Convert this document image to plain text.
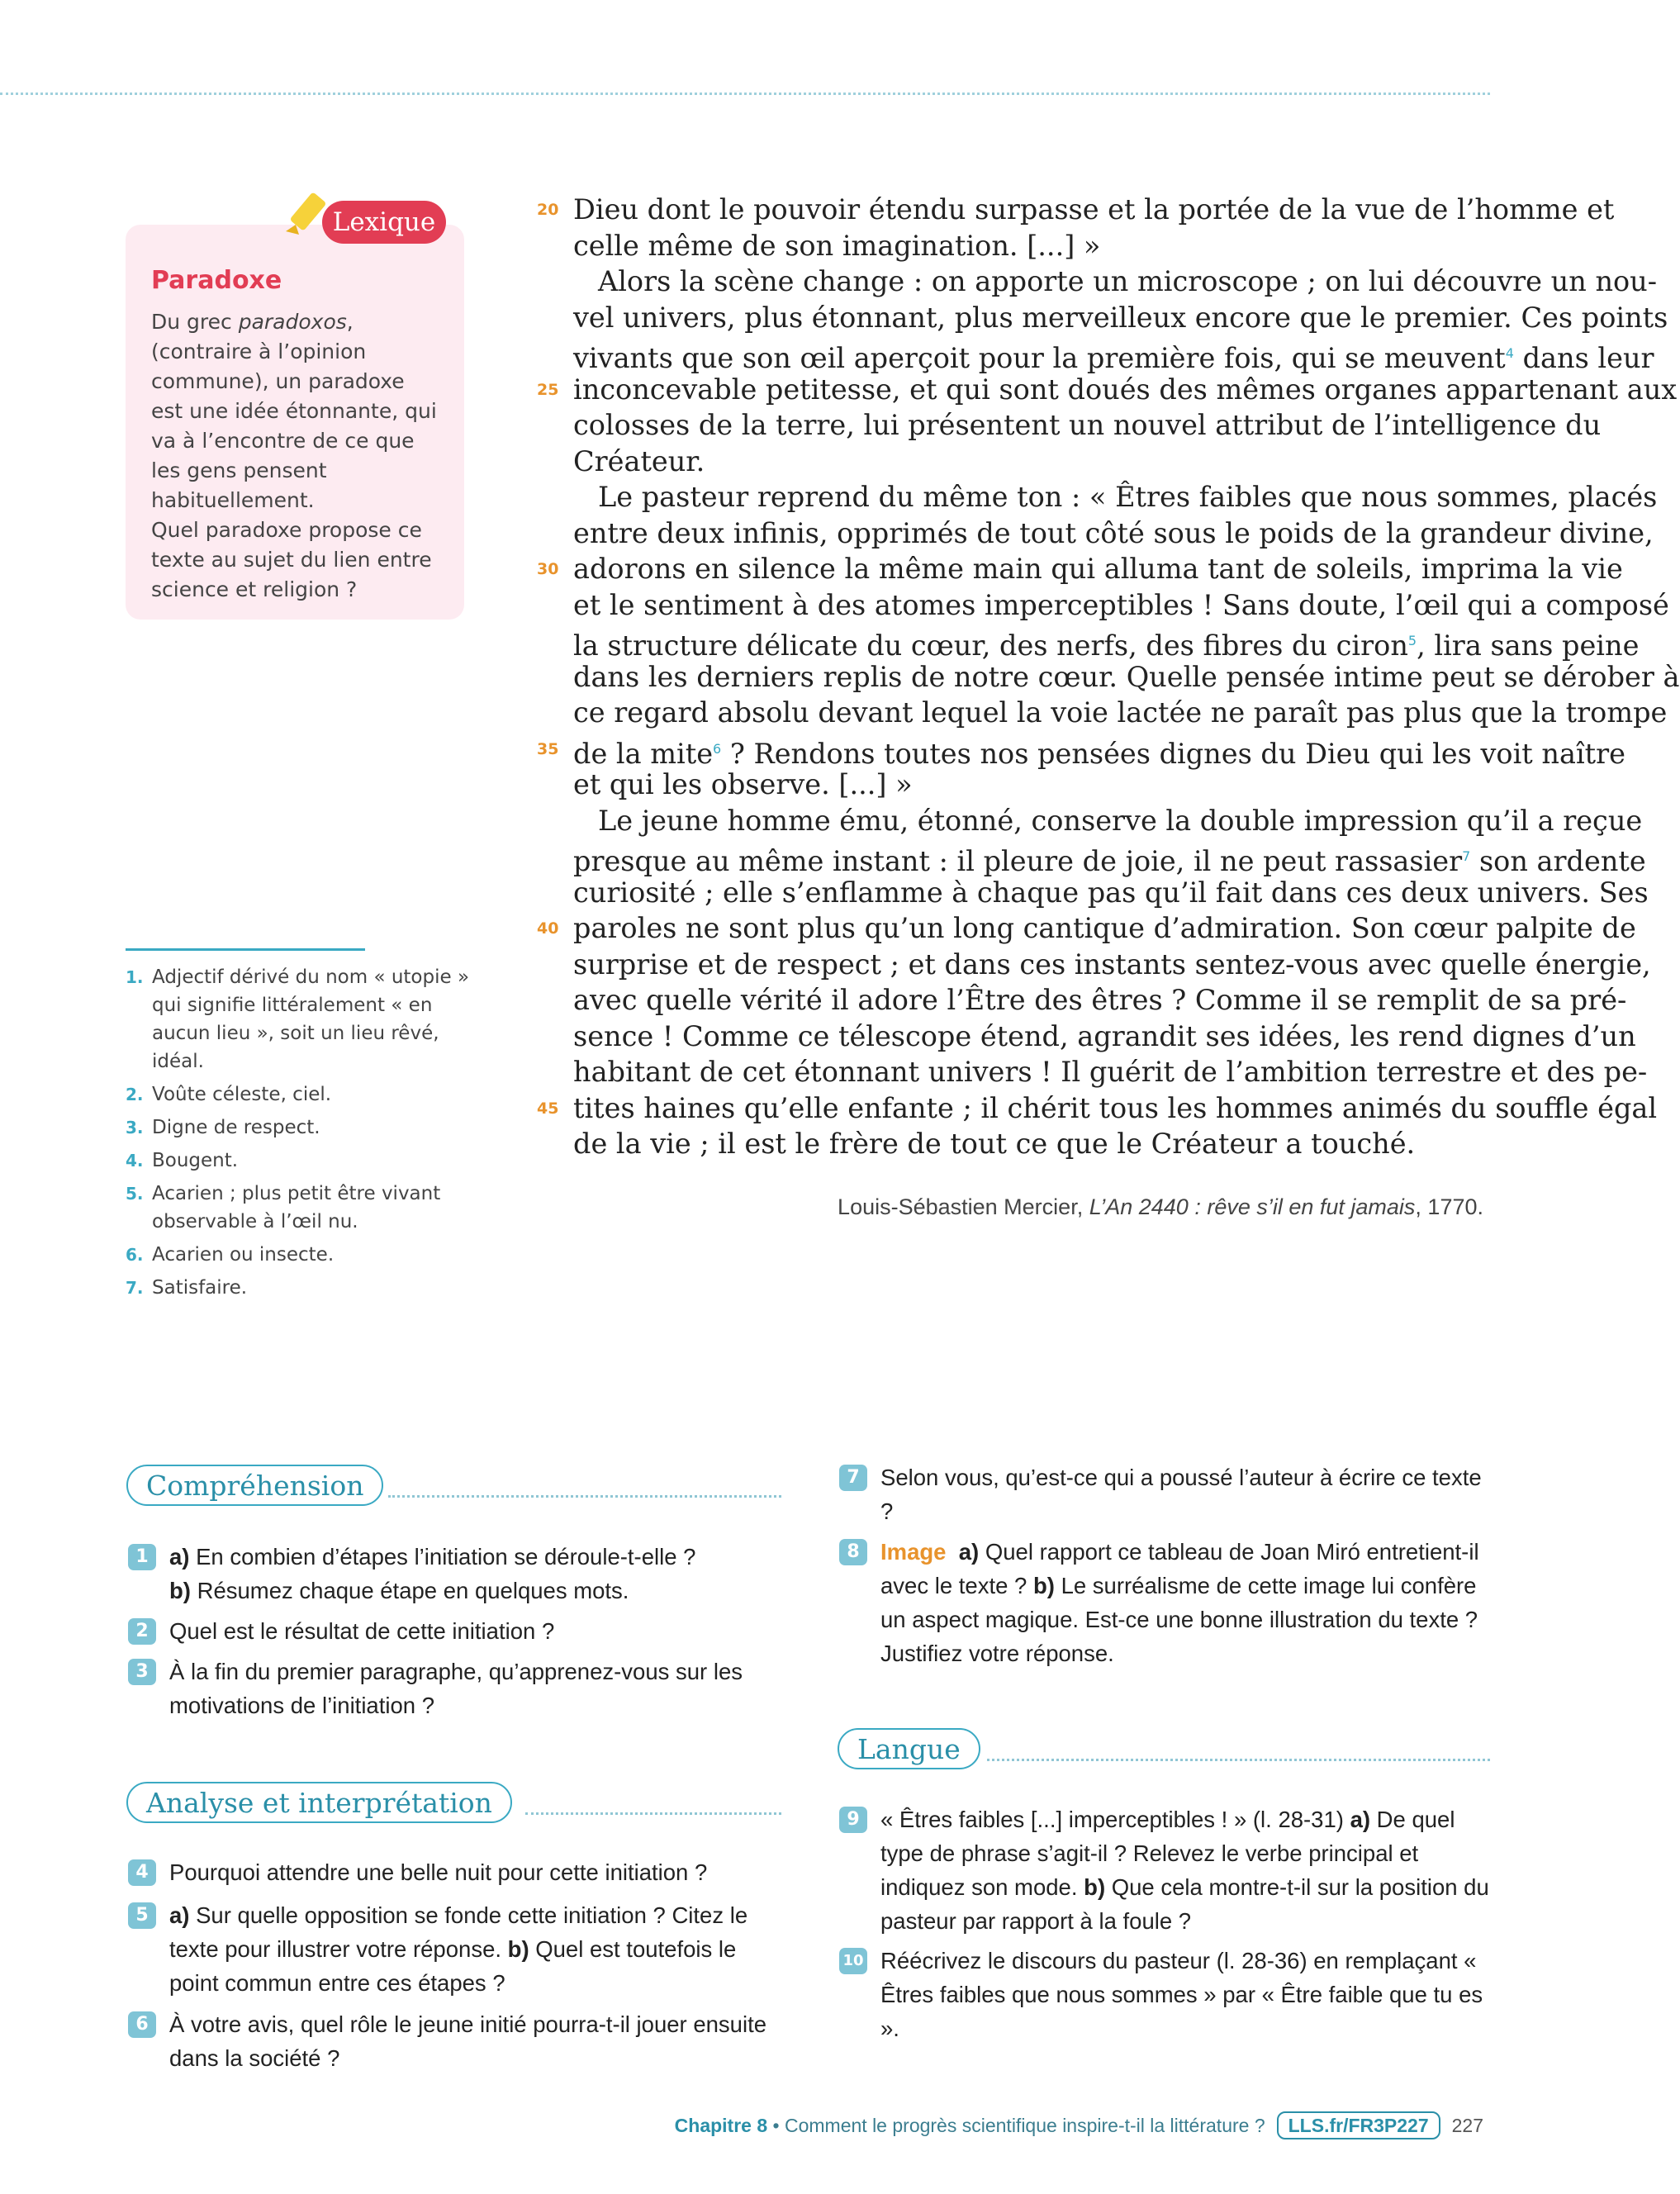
Lexique
Paradoxe

Du grec paradoxos, (contraire à l’opinion commune), un paradoxe est une idée étonnante, qui va à l’encontre de ce que les gens pensent habituellement.

Quel paradoxe propose ce texte au sujet du lien entre science et religion ?

1. Adjectif dérivé du nom « utopie » qui signifie littéralement « en aucun lieu », soit un lieu rêvé, idéal.
2. Voûte céleste, ciel.
3. Digne de respect.
4. Bougent.
5. Acarien ; plus petit être vivant observable à l’œil nu.
6. Acarien ou insecte.
7. Satisfaire.
20 Dieu dont le pouvoir étendu surpasse et la portée de la vue de l’homme et
celle même de son imagination. [...] »
Alors la scène change : on apporte un microscope ; on lui découvre un nou-
vel univers, plus étonnant, plus merveilleux encore que le premier. Ces points
vivants que son œil aperçoit pour la première fois, qui se meuvent$^4$ dans leur
25 inconcevable petitesse, et qui sont doués des mêmes organes appartenant aux
colosses de la terre, lui présentent un nouvel attribut de l’intelligence du
Créateur.
Le pasteur reprend du même ton : « Êtres faibles que nous sommes, placés
entre deux infinis, opprimés de tout côté sous le poids de la grandeur divine,
30 adorons en silence la même main qui alluma tant de soleils, imprima la vie
et le sentiment à des atomes imperceptibles ! Sans doute, l’œil qui a composé
la structure délicate du cœur, des nerfs, des fibres du ciron$^5$, lira sans peine
dans les derniers replis de notre cœur. Quelle pensée intime peut se dérober à
ce regard absolu devant lequel la voie lactée ne paraît pas plus que la trompe
35 de la mite$^6$ ? Rendons toutes nos pensées dignes du Dieu qui les voit naître
et qui les observe. [...] »
Le jeune homme ému, étonné, conserve la double impression qu’il a reçue
presque au même instant : il pleure de joie, il ne peut rassasier$^7$ son ardente
curiosité ; elle s’enflamme à chaque pas qu’il fait dans ces deux univers. Ses
40 paroles ne sont plus qu’un long cantique d’admiration. Son cœur palpite de
surprise et de respect ; et dans ces instants sentez-vous avec quelle énergie,
avec quelle vérité il adore l’Être des êtres ? Comme il se remplit de sa pré-
sence ! Comme ce télescope étend, agrandit ses idées, les rend dignes d’un
habitant de cet étonnant univers ! Il guérit de l’ambition terrestre et des pe-
45 tites haines qu’elle enfante ; il chérit tous les hommes animés du souffle égal
de la vie ; il est le frère de tout ce que le Créateur a touché.
Louis-Sébastien Mercier, L’An 2440 : rêve s’il en fut jamais, 1770.
Compréhension
1 a) En combien d’étapes l’initiation se déroule-t-elle ?
b) Résumez chaque étape en quelques mots.
2 Quel est le résultat de cette initiation ?
3 À la fin du premier paragraphe, qu’apprenez-vous sur les motivations de l’initiation ?
Analyse et interprétation
4 Pourquoi attendre une belle nuit pour cette initiation ?
5 a) Sur quelle opposition se fonde cette initiation ? Citez le texte pour illustrer votre réponse. b) Quel est toutefois le point commun entre ces étapes ?
6 À votre avis, quel rôle le jeune initié pourra-t-il jouer ensuite dans la société ?
7 Selon vous, qu’est-ce qui a poussé l’auteur à écrire ce texte ?
8 Image a) Quel rapport ce tableau de Joan Miró entretient-il avec le texte ? b) Le surréalisme de cette image lui confère un aspect magique. Est-ce une bonne illustration du texte ? Justifiez votre réponse.
Langue
9 « Êtres faibles [...] imperceptibles ! » (l. 28-31) a) De quel type de phrase s’agit-il ? Relevez le verbe principal et indiquez son mode. b) Que cela montre-t-il sur la position du pasteur par rapport à la foule ?
10 Réécrivez le discours du pasteur (l. 28-36) en remplaçant « Êtres faibles que nous sommes » par « Être faible que tu es ».
Chapitre 8 • Comment le progrès scientifique inspire-t-il la littérature ? LLS.fr/FR3P227 227
